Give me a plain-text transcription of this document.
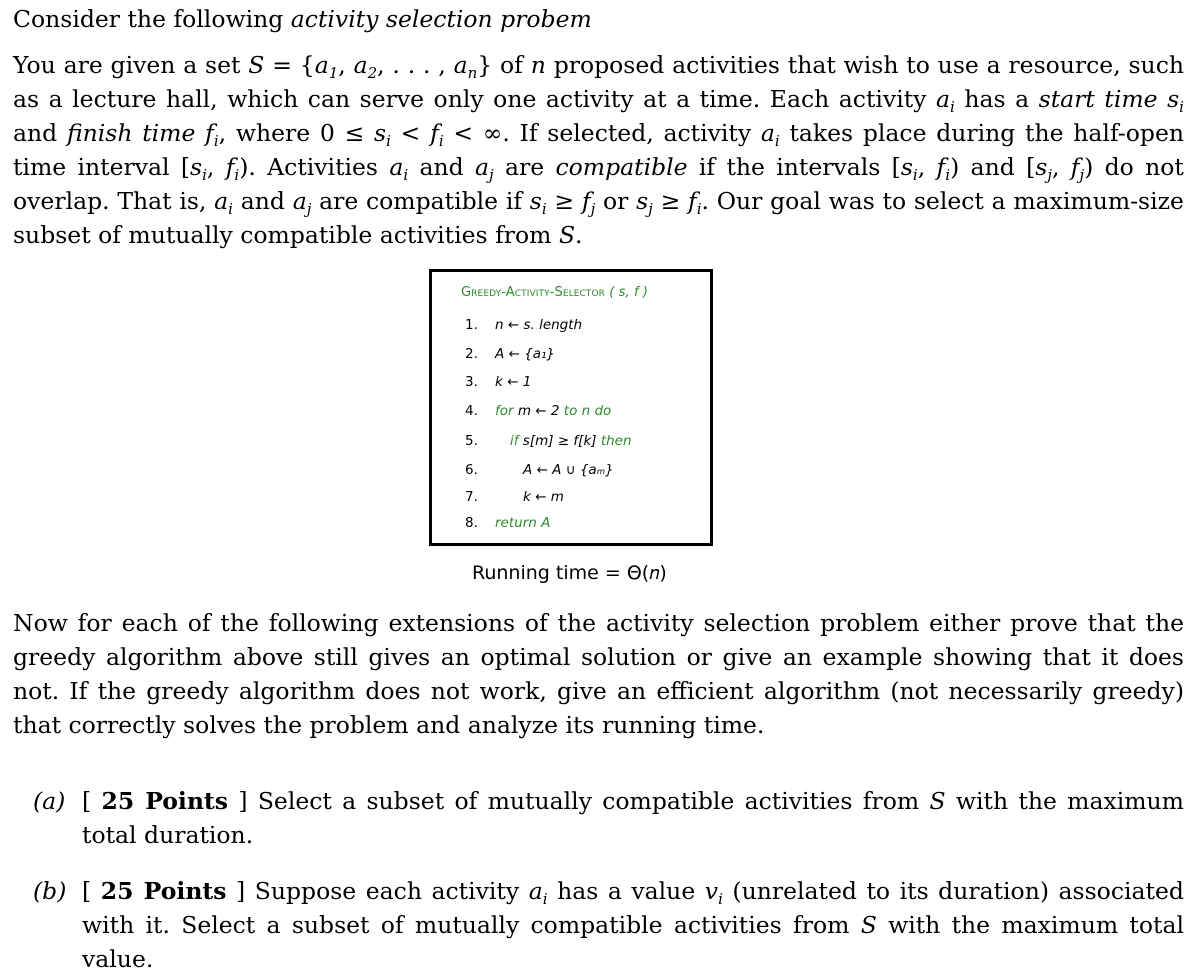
Consider the following activity selection probem

You are given a set $S = \{a_1$, $a_2$, . . . , $a_n$} of n proposed activities that wish to use a resource, such as a lecture hall, which can serve only one activity at a time. Each activity $a_i$ has a start time $s_i$ and finish time $f_i$, where $0 \le s_i < f_i$ < ∞. If selected, activity $a_i$ takes place during the half-open time interval [$s_i$, $f_i$). Activities $a_i$ and $a_j$ are compatible if the intervals [$s_i$, $f_i$) and [$s_j$, $f_j$) do not overlap. That is, $a_i$ and $a_j$ are compatible if $s_i \ge f_j$ or $s_j \ge f_i$. Our goal was to select a maximum-size subset of mutually compatible activities from S.

Greedy-Activity-Selector ( s, f )
1. n ← s. length
2. A ← {a₁}
3. k ← 1
4. for m ← 2 to n do
5. if s[m] ≥ f[k] then
6.	A ← A ∪ {aₘ}
7.	k ← m
8. return A
Running time = Θ(𝑛)

Now for each of the following extensions of the activity selection problem either prove that the greedy algorithm above still gives an optimal solution or give an example showing that it does not. If the greedy algorithm does not work, give an efficient algorithm (not necessarily greedy) that correctly solves the problem and analyze its running time.

(a) [ 25 Points ] Select a subset of mutually compatible activities from S with the maximum total duration.
(b) [ 25 Points ] Suppose each activity $a_i$ has a value $v_i$ (unrelated to its duration) associated with it. Select a subset of mutually compatible activities from S with the maximum total value.
